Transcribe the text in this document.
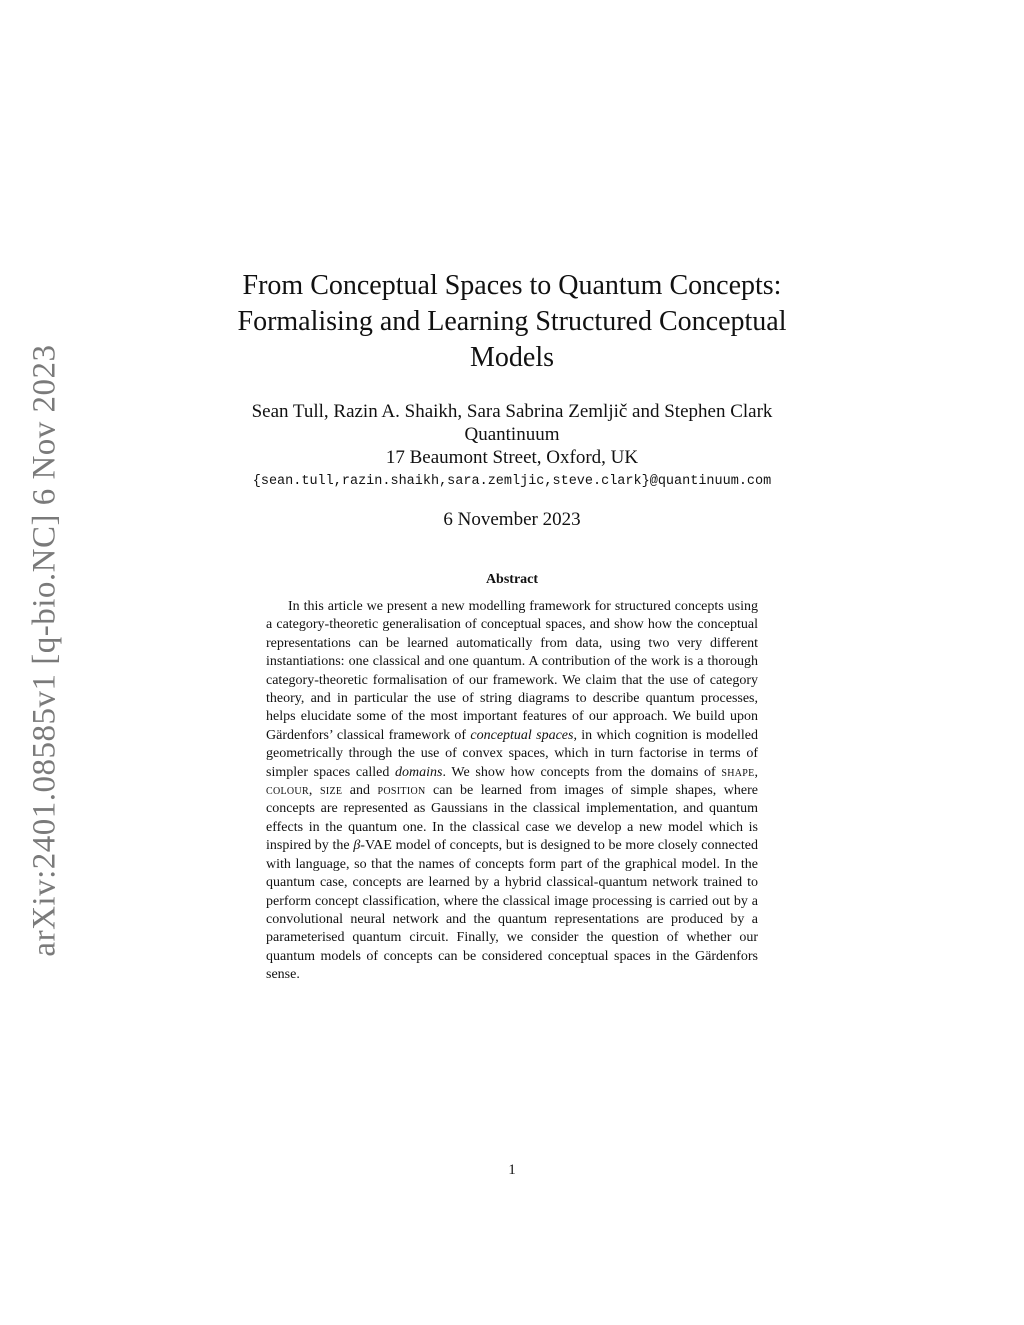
arXiv:2401.08585v1 [q-bio.NC] 6 Nov 2023
From Conceptual Spaces to Quantum Concepts:
Formalising and Learning Structured Conceptual
Models
Sean Tull, Razin A. Shaikh, Sara Sabrina Zemljič and Stephen Clark
Quantinuum
17 Beaumont Street, Oxford, UK
{sean.tull,razin.shaikh,sara.zemljic,steve.clark}@quantinuum.com
6 November 2023
Abstract

In this article we present a new modelling framework for structured concepts using a category-theoretic generalisation of conceptual spaces, and show how the conceptual representations can be learned automatically from data, using two very different instantiations: one classical and one quantum. A contribution of the work is a thorough category-theoretic formalisation of our framework. We claim that the use of category theory, and in particular the use of string diagrams to describe quantum processes, helps elucidate some of the most important features of our approach. We build upon Gärdenfors’ classical framework of conceptual spaces, in which cognition is modelled geometrically through the use of convex spaces, which in turn factorise in terms of simpler spaces called domains. We show how concepts from the domains of shape, colour, size and position can be learned from images of simple shapes, where concepts are represented as Gaussians in the classical implementation, and quantum effects in the quantum one. In the classical case we develop a new model which is inspired by the β-VAE model of concepts, but is designed to be more closely connected with language, so that the names of concepts form part of the graphical model. In the quantum case, concepts are learned by a hybrid classical-quantum network trained to perform concept classification, where the classical image processing is carried out by a convolutional neural network and the quantum representations are produced by a parameterised quantum circuit. Finally, we consider the question of whether our quantum models of concepts can be considered conceptual spaces in the Gärdenfors sense.

1
